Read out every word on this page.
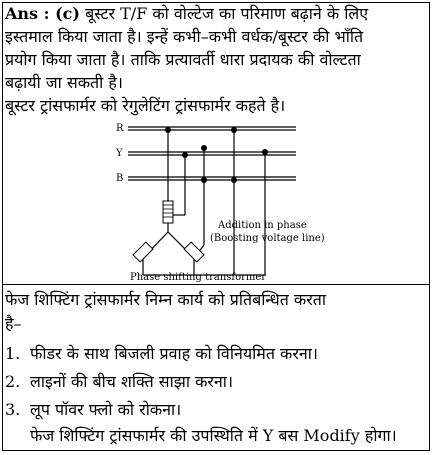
Ans : (c) बूस्टर T/F को वोल्टेज का परिमाण बढ़ाने के लिए
इस्तमाल किया जाता है। इन्हें कभी–कभी वर्धक/बूस्टर की भाँति
प्रयोग किया जाता है। ताकि प्रत्यावर्ती धारा प्रदायक की वोल्टता
बढ़ायी जा सकती है।
बूस्टर ट्रांसफार्मर को रेगुलेटिंग ट्रांसफार्मर कहते है।
R
Y
B
Addition in phase
(Boosting voltage line)
Phase shifting transformer
फेज शिफ्टिंग ट्रांसफार्मर निम्न कार्य को प्रतिबन्धित करता
है–
1. फीडर के साथ बिजली प्रवाह को विनियमित करना।
2. लाइनों की बीच शक्ति साझा करना।
3. लूप पॉवर फ्लो को रोकना।
फेज शिफ्टिंग ट्रांसफार्मर की उपस्थिति में Y बस Modify होगा।
